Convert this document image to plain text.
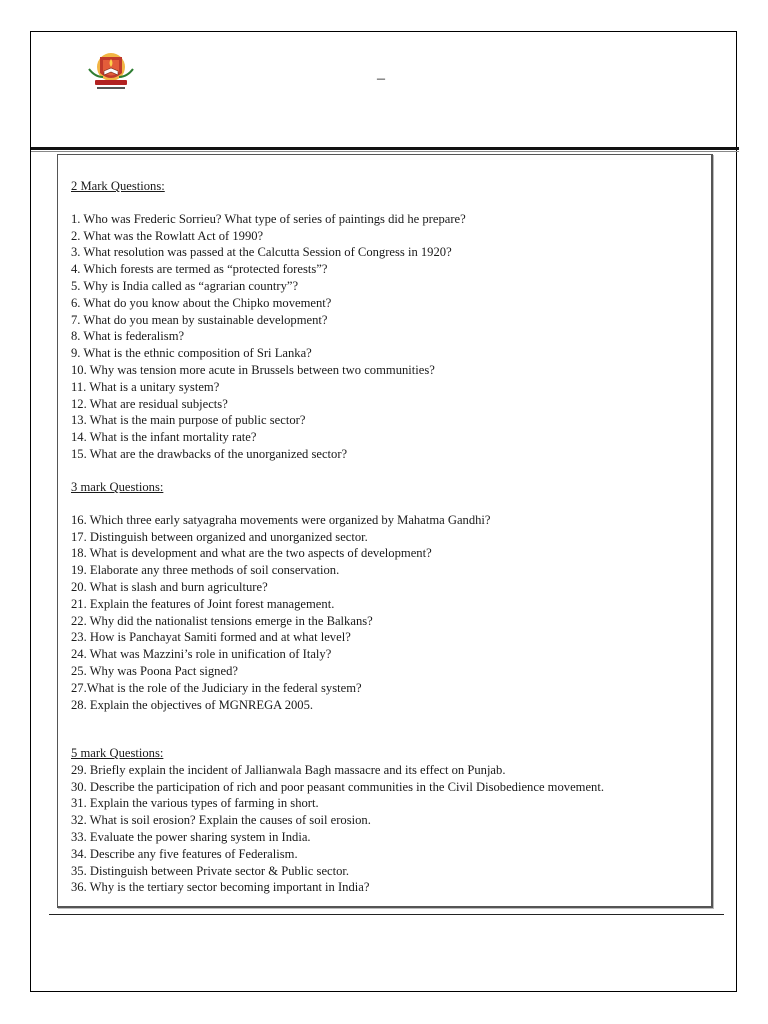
–
2 Mark Questions:
1. Who was Frederic Sorrieu? What type of series of paintings did he prepare?
2. What was the Rowlatt Act of 1990?
3. What resolution was passed at the Calcutta Session of Congress in 1920?
4. Which forests are termed as “protected forests”?
5. Why is India called as “agrarian country”?
6. What do you know about the Chipko movement?
7. What do you mean by sustainable development?
8. What is federalism?
9. What is the ethnic composition of Sri Lanka?
10. Why was tension more acute in Brussels between two communities?
11. What is a unitary system?
12. What are residual subjects?
13. What is the main purpose of public sector?
14. What is the infant mortality rate?
15. What are the drawbacks of the unorganized sector?
3 mark Questions:
16. Which three early satyagraha movements were organized by Mahatma Gandhi?
17. Distinguish between organized and unorganized sector.
18. What is development and what are the two aspects of development?
19. Elaborate any three methods of soil conservation.
20. What is slash and burn agriculture?
21. Explain the features of Joint forest management.
22. Why did the nationalist tensions emerge in the Balkans?
23. How is Panchayat Samiti formed and at what level?
24. What was Mazzini’s role in unification of Italy?
25. Why was Poona Pact signed?
27.What is the role of the Judiciary in the federal system?
28. Explain the objectives of MGNREGA 2005.
5 mark Questions:
29. Briefly explain the incident of Jallianwala Bagh massacre and its effect on Punjab.
30. Describe the participation of rich and poor peasant communities in the Civil Disobedience movement.
31. Explain the various types of farming in short.
32. What is soil erosion? Explain the causes of soil erosion.
33. Evaluate the power sharing system in India.
34. Describe any five features of Federalism.
35. Distinguish between Private sector & Public sector.
36. Why is the tertiary sector becoming important in India?
